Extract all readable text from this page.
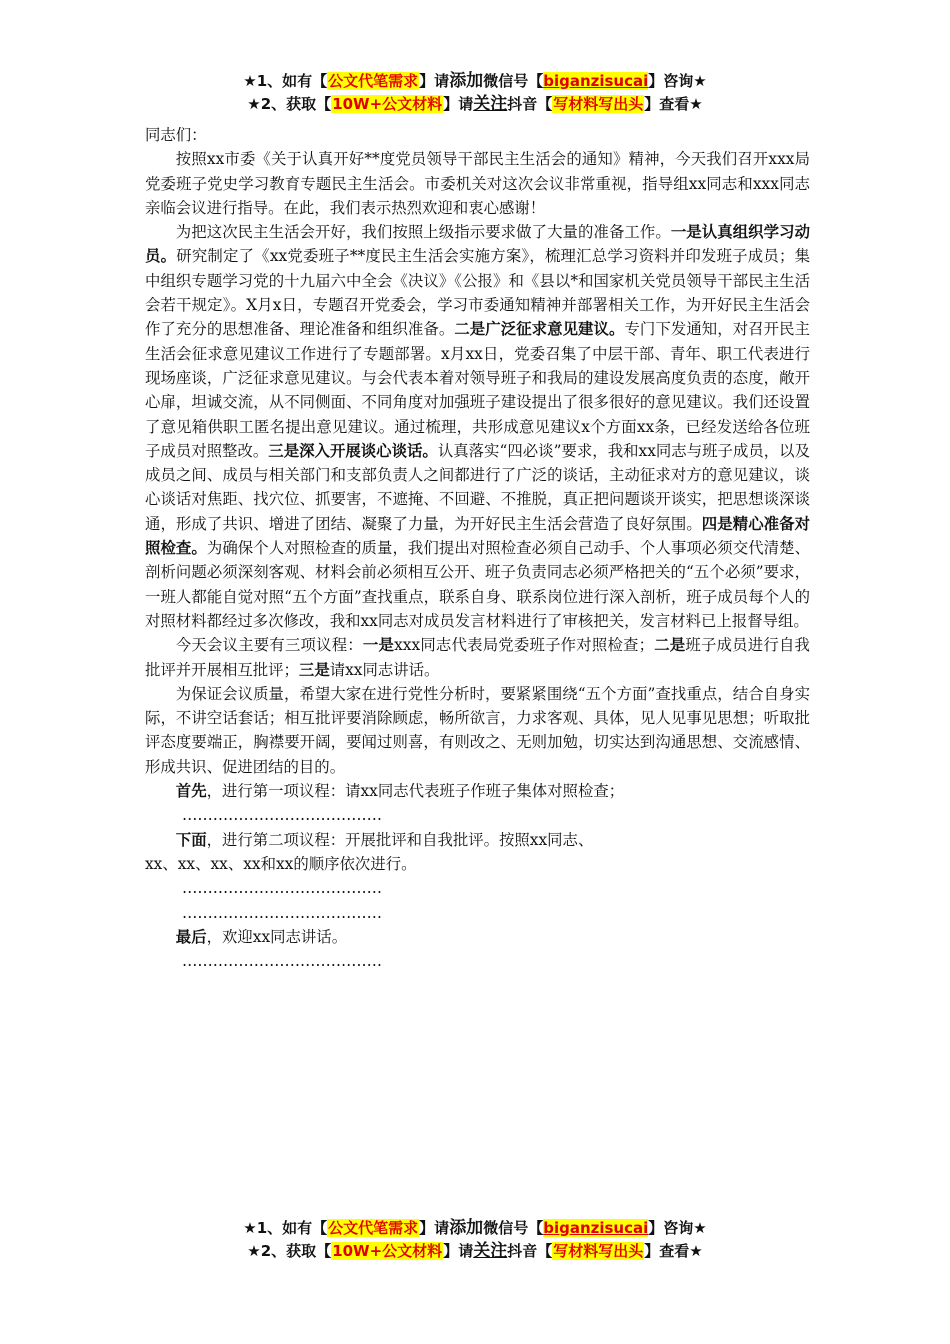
★1、如有【公文代笔需求】请添加微信号【biganzisucai】咨询★
★2、获取【10W+公文材料】请关注抖音【写材料写出头】查看★

同志们：

按照xx市委《关于认真开好**度党员领导干部民主生活会的通知》精神，今天我们召开xxx局党委班子党史学习教育专题民主生活会。市委机关对这次会议非常重视，指导组xx同志和xxx同志亲临会议进行指导。在此，我们表示热烈欢迎和衷心感谢！

为把这次民主生活会开好，我们按照上级指示要求做了大量的准备工作。一是认真组织学习动员。研究制定了《xx党委班子**度民主生活会实施方案》，梳理汇总学习资料并印发班子成员；集中组织专题学习党的十九届六中全会《决议》《公报》和《县以*和国家机关党员领导干部民主生活会若干规定》。X月x日，专题召开党委会，学习市委通知精神并部署相关工作，为开好民主生活会作了充分的思想准备、理论准备和组织准备。二是广泛征求意见建议。专门下发通知，对召开民主生活会征求意见建议工作进行了专题部署。x月xx日，党委召集了中层干部、青年、职工代表进行现场座谈，广泛征求意见建议。与会代表本着对领导班子和我局的建设发展高度负责的态度，敞开心扉，坦诚交流，从不同侧面、不同角度对加强班子建设提出了很多很好的意见建议。我们还设置了意见箱供职工匿名提出意见建议。通过梳理，共形成意见建议x个方面xx条，已经发送给各位班子成员对照整改。三是深入开展谈心谈话。认真落实“四必谈”要求，我和xx同志与班子成员，以及成员之间、成员与相关部门和支部负责人之间都进行了广泛的谈话，主动征求对方的意见建议，谈心谈话对焦距、找穴位、抓要害，不遮掩、不回避、不推脱，真正把问题谈开谈实，把思想谈深谈通，形成了共识、增进了团结、凝聚了力量，为开好民主生活会营造了良好氛围。四是精心准备对照检查。为确保个人对照检查的质量，我们提出对照检查必须自己动手、个人事项必须交代清楚、剖析问题必须深刻客观、材料会前必须相互公开、班子负责同志必须严格把关的“五个必须”要求，一班人都能自觉对照“五个方面”查找重点，联系自身、联系岗位进行深入剖析，班子成员每个人的对照材料都经过多次修改，我和xx同志对成员发言材料进行了审核把关，发言材料已上报督导组。

今天会议主要有三项议程：一是xxx同志代表局党委班子作对照检查；二是班子成员进行自我批评并开展相互批评；三是请xx同志讲话。

为保证会议质量，希望大家在进行党性分析时，要紧紧围绕“五个方面”查找重点，结合自身实际，不讲空话套话；相互批评要消除顾虑，畅所欲言，力求客观、具体，见人见事见思想；听取批评态度要端正，胸襟要开阔，要闻过则喜，有则改之、无则加勉，切实达到沟通思想、交流感情、形成共识、促进团结的目的。

首先，进行第一项议程：请xx同志代表班子作班子集体对照检查；

…………………………………

下面，进行第二项议程：开展批评和自我批评。按照xx同志、

xx、xx、xx、xx和xx的顺序依次进行。

…………………………………

…………………………………

最后，欢迎xx同志讲话。

…………………………………

★1、如有【公文代笔需求】请添加微信号【biganzisucai】咨询★
★2、获取【10W+公文材料】请关注抖音【写材料写出头】查看★
